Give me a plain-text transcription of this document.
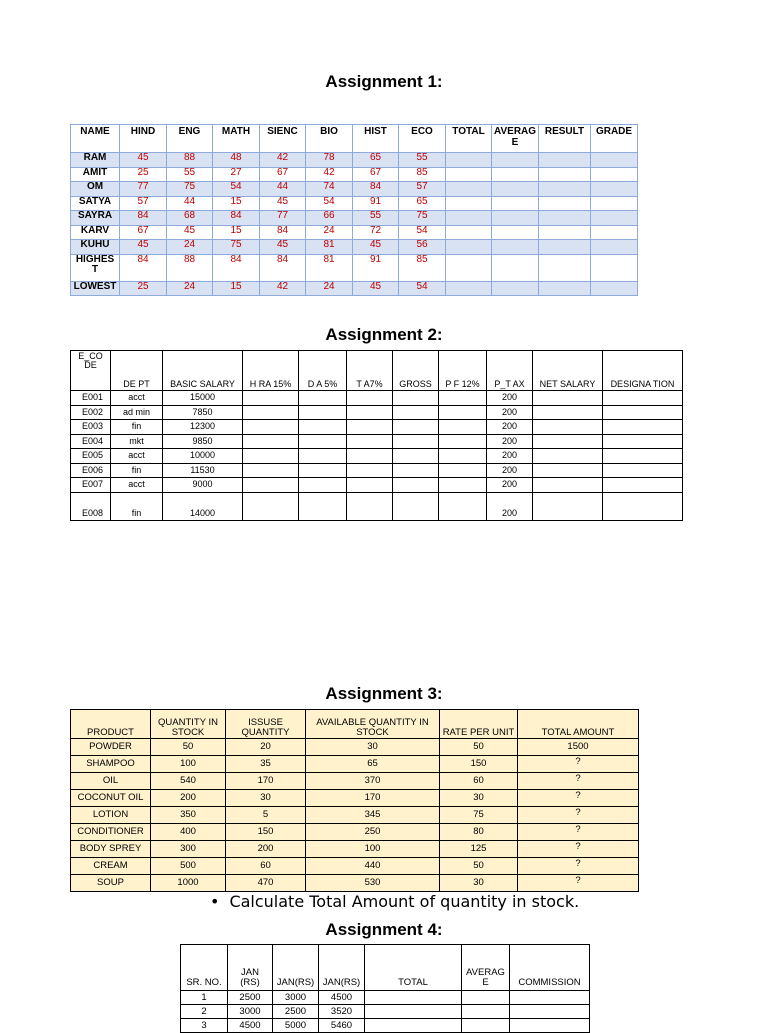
Assignment 1:
NAME	HIND	ENG	MATH	SIENC	BIO	HIST	ECO	TOTAL	AVERAG E	RESULT	GRADE
RAM	45	88	48	42	78	65	55				
AMIT	25	55	27	67	42	67	85				
OM	77	75	54	44	74	84	57				
SATYA	57	44	15	45	54	91	65				
SAYRA	84	68	84	77	66	55	75				
KARV	67	45	15	84	24	72	54				
KUHU	45	24	75	45	81	45	56				
HIGHES T	84	88	84	84	81	91	85				
LOWEST	25	24	15	42	24	45	54				
Assignment 2:
E_CO DE	DE PT	BASIC SALARY	H RA 15%	D A 5%	T A7%	GROSS	P F 12%	P_T AX	NET SALARY	DESIGNA TION
E001	acct	15000						200		
E002	ad min	7850						200		
E003	fin	12300						200		
E004	mkt	9850						200		
E005	acct	10000						200		
E006	fin	11530						200		
E007	acct	9000						200		
E008	fin	14000						200		
Assignment 3:
PRODUCT	QUANTITY IN STOCK	ISSUSE QUANTITY	AVAILABLE QUANTITY IN STOCK	RATE PER UNIT	TOTAL AMOUNT
POWDER	50	20	30	50	1500
SHAMPOO	100	35	65	150	?
OIL	540	170	370	60	?
COCONUT OIL	200	30	170	30	?
LOTION	350	5	345	75	?
CONDITIONER	400	150	250	80	?
BODY SPREY	300	200	100	125	?
CREAM	500	60	440	50	?
SOUP	1000	470	530	30	?
• Calculate Total Amount of quantity in stock.
Assignment 4:
SR. NO.	JAN (RS)	JAN(RS)	JAN(RS)	TOTAL	AVERAG E	COMMISSION
1	2500	3000	4500			
2	3000	2500	3520			
3	4500	5000	5460			
